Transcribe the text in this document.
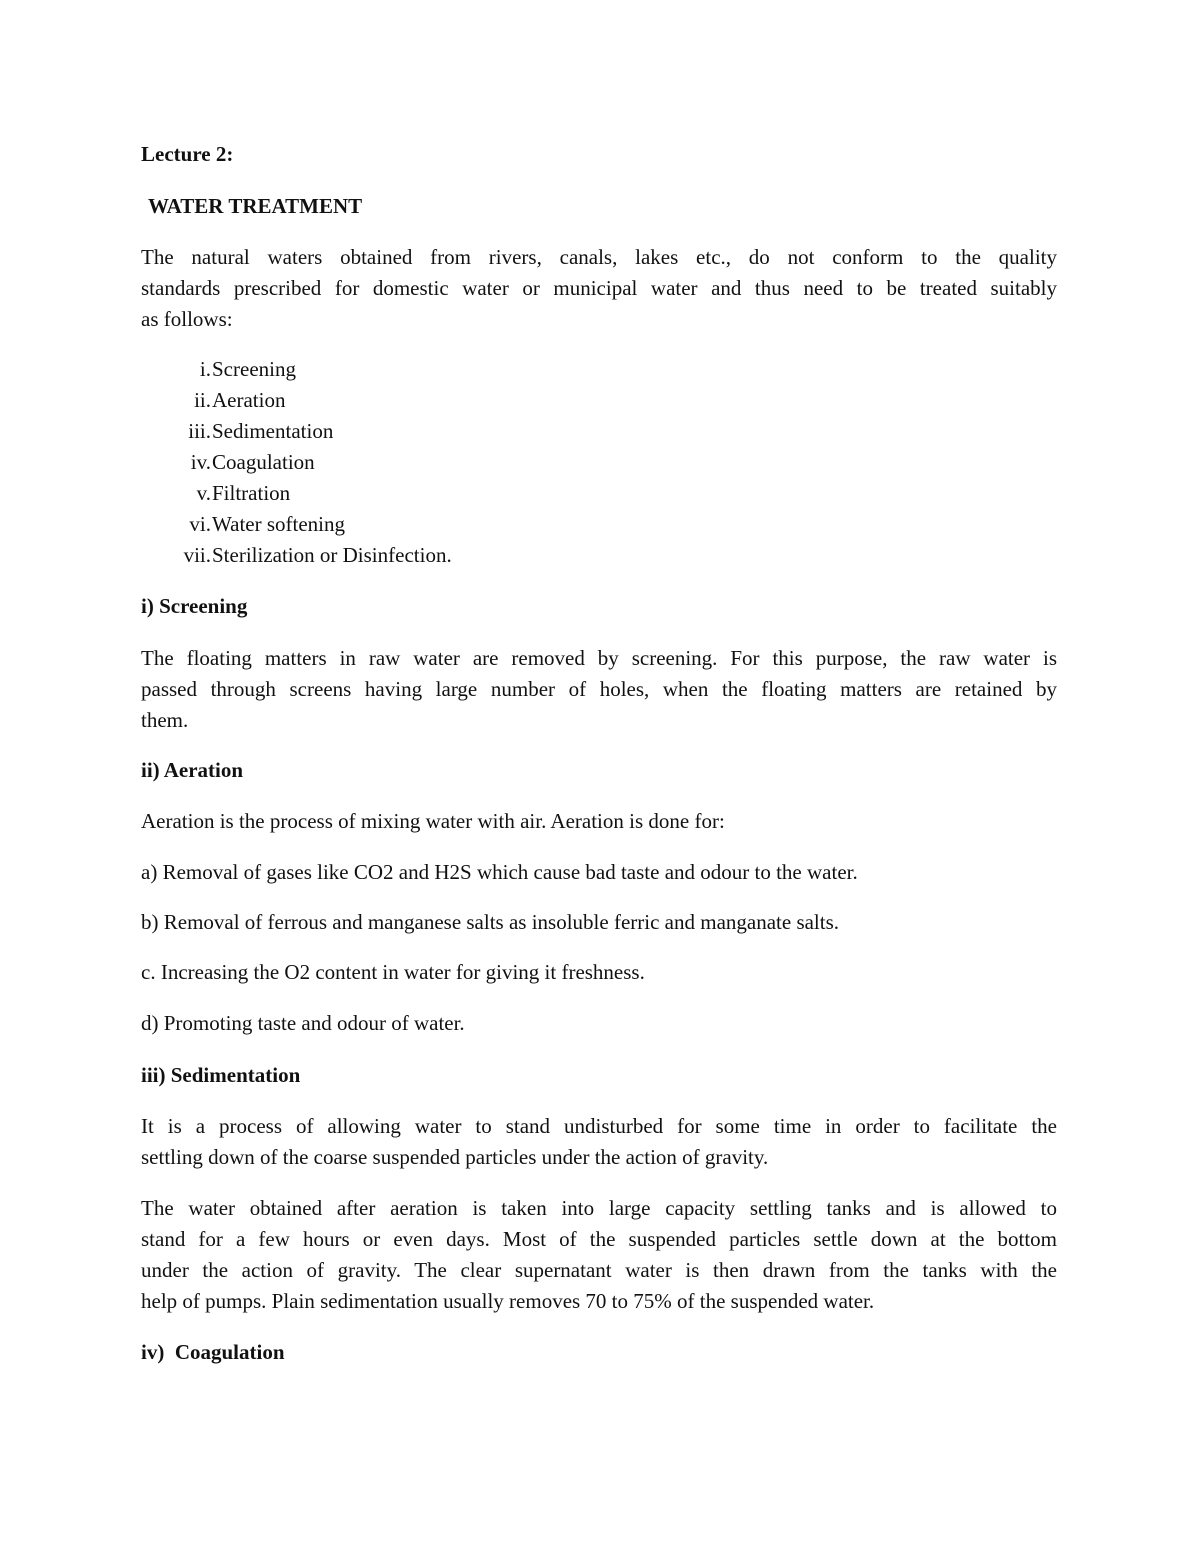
Lecture 2:

WATER TREATMENT

The natural waters obtained from rivers, canals, lakes etc., do not conform to the quality

standards prescribed for domestic water or municipal water and thus need to be treated suitably

as follows:

i. Screening
ii. Aeration
iii. Sedimentation
iv. Coagulation
v. Filtration
vi. Water softening
vii. Sterilization or Disinfection.

i) Screening

The floating matters in raw water are removed by screening. For this purpose, the raw water is

passed through screens having large number of holes, when the floating matters are retained by

them.

ii) Aeration

Aeration is the process of mixing water with air. Aeration is done for:

a) Removal of gases like CO2 and H2S which cause bad taste and odour to the water.

b) Removal of ferrous and manganese salts as insoluble ferric and manganate salts.

c. Increasing the O2 content in water for giving it freshness.

d) Promoting taste and odour of water.

iii) Sedimentation

It is a process of allowing water to stand undisturbed for some time in order to facilitate the

settling down of the coarse suspended particles under the action of gravity.

The water obtained after aeration is taken into large capacity settling tanks and is allowed to

stand for a few hours or even days. Most of the suspended particles settle down at the bottom

under the action of gravity. The clear supernatant water is then drawn from the tanks with the

help of pumps. Plain sedimentation usually removes 70 to 75% of the suspended water.

iv)  Coagulation
